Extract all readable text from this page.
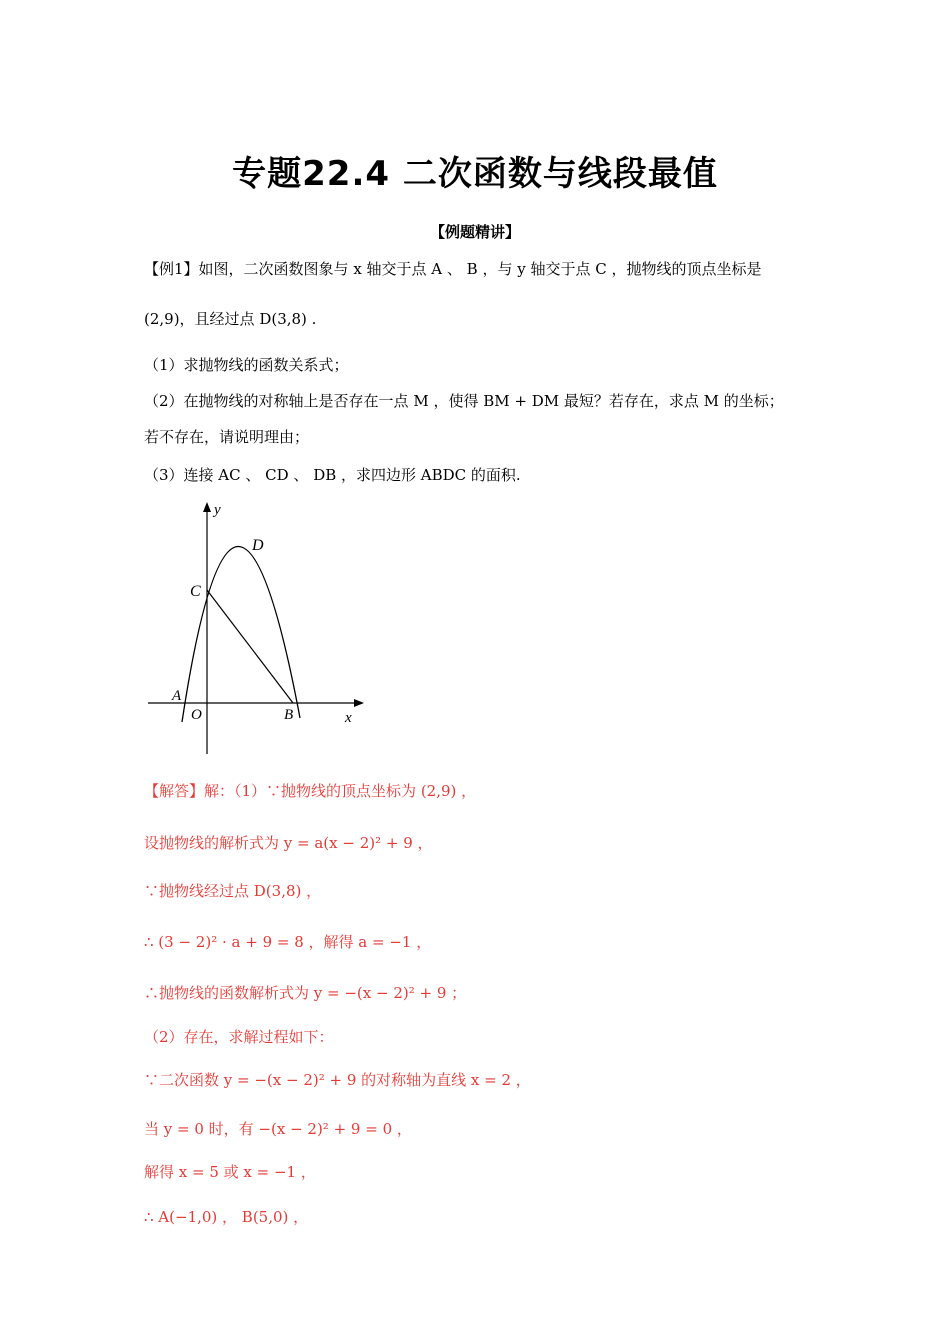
专题22.4 二次函数与线段最值
【例题精讲】
【例1】如图，二次函数图象与 x 轴交于点 A 、 B ，与 y 轴交于点 C ，抛物线的顶点坐标是
(2,9)，且经过点 D(3,8) .
（1）求抛物线的函数关系式；
（2）在抛物线的对称轴上是否存在一点 M ，使得 BM + DM 最短？若存在，求点 M 的坐标；
若不存在，请说明理由；
（3）连接 AC 、 CD 、 DB ，求四边形 ABDC 的面积.
y
D
C
A
O	B	x
【解答】解：（1）∵抛物线的顶点坐标为 (2,9) ，
设抛物线的解析式为 y = a(x − 2)² + 9 ，
∵抛物线经过点 D(3,8) ，
∴ (3 − 2)² · a + 9 = 8 ，解得 a = −1 ，
∴抛物线的函数解析式为 y = −(x − 2)² + 9 ；
（2）存在，求解过程如下：
∵二次函数 y = −(x − 2)² + 9 的对称轴为直线 x = 2 ，
当 y = 0 时，有 −(x − 2)² + 9 = 0 ，
解得 x = 5 或 x = −1 ，
∴ A(−1,0) ， B(5,0) ，
